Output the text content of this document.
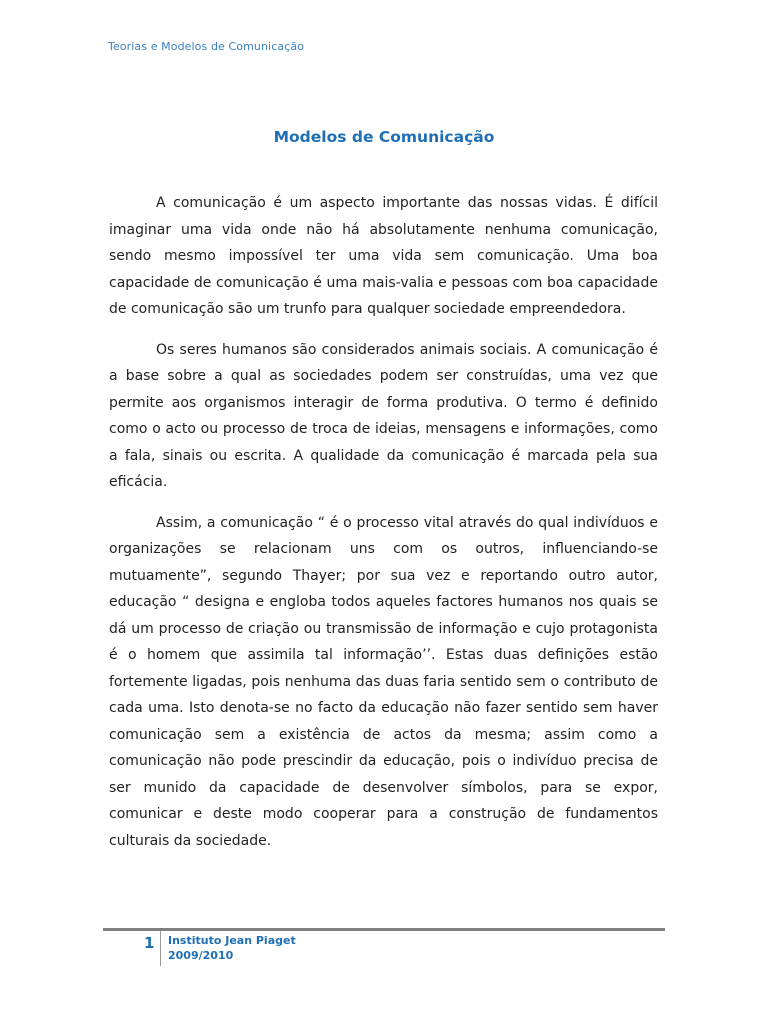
Teorias e Modelos de Comunicação
Modelos de Comunicação

A comunicação é um aspecto importante das nossas vidas. É difícil imaginar uma vida onde não há absolutamente nenhuma comunicação, sendo mesmo impossível ter uma vida sem comunicação. Uma boa capacidade de comunicação é uma mais-valia e pessoas com boa capacidade de comunicação são um trunfo para qualquer sociedade empreendedora.

Os seres humanos são considerados animais sociais. A comunicação é a base sobre a qual as sociedades podem ser construídas, uma vez que permite aos organismos interagir de forma produtiva. O termo é definido como o acto ou processo de troca de ideias, mensagens e informações, como a fala, sinais ou escrita. A qualidade da comunicação é marcada pela sua eficácia.

Assim, a comunicação “ é o processo vital através do qual indivíduos e organizações se relacionam uns com os outros, influenciando-se mutuamente”, segundo Thayer; por sua vez e reportando outro autor, educação “ designa e engloba todos aqueles factores humanos nos quais se dá um processo de criação ou transmissão de informação e cujo protagonista é o homem que assimila tal informação’’. Estas duas definições estão fortemente ligadas, pois nenhuma das duas faria sentido sem o contributo de cada uma. Isto denota-se no facto da educação não fazer sentido sem haver comunicação sem a existência de actos da mesma; assim como a comunicação não pode prescindir da educação, pois o indivíduo precisa de ser munido da capacidade de desenvolver símbolos, para se expor, comunicar e deste modo cooperar para a construção de fundamentos culturais da sociedade.

1 Instituto Jean Piaget
2009/2010
